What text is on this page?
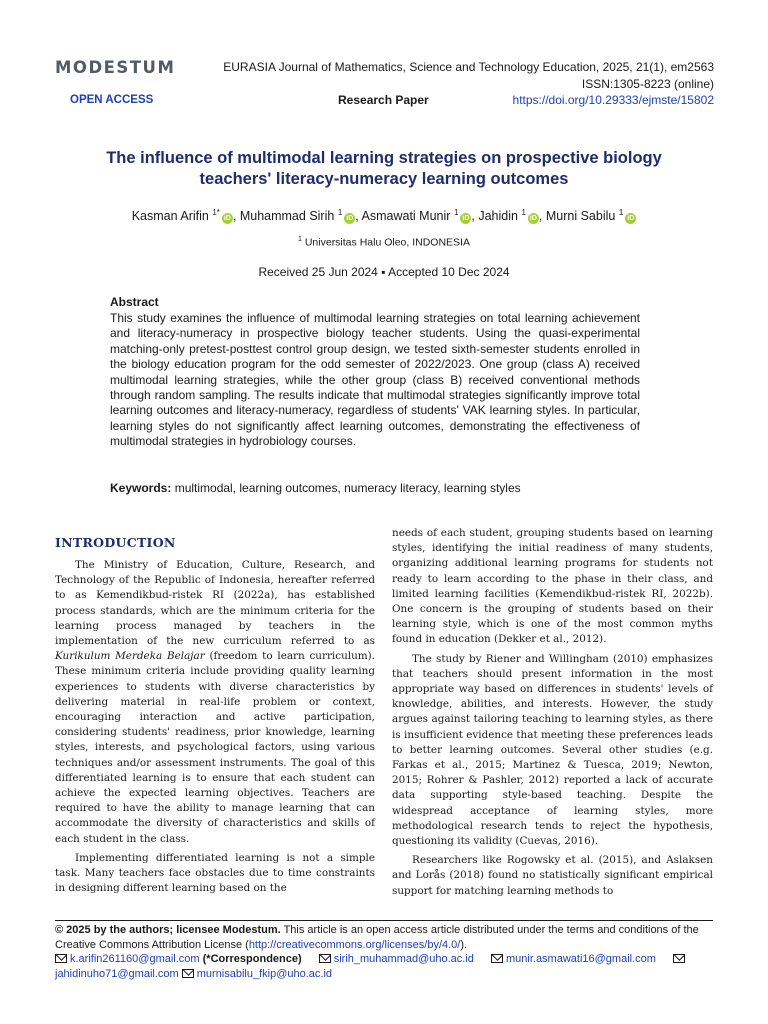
MODESTUM	EURASIA Journal of Mathematics, Science and Technology Education, 2025, 21(1), em2563
ISSN:1305-8223 (online)
OPEN ACCESS	Research Paper	https://doi.org/10.29333/ejmste/15802
The influence of multimodal learning strategies on prospective biology
teachers' literacy-numeracy learning outcomes
Kasman Arifin $^{1*}$iD , Muhammad Sirih $^1$iD , Asmawati Munir $^1$iD , Jahidin $^1$iD , Murni Sabilu $^1$iD
$^1$ Universitas Halu Oleo, INDONESIA
Received 25 Jun 2024 ▪ Accepted 10 Dec 2024
Abstract
This study examines the influence of multimodal learning strategies on total learning achievement and literacy-numeracy in prospective biology teacher students. Using the quasi-experimental matching-only pretest-posttest control group design, we tested sixth-semester students enrolled in the biology education program for the odd semester of 2022/2023. One group (class A) received multimodal learning strategies, while the other group (class B) received conventional methods through random sampling. The results indicate that multimodal strategies significantly improve total learning outcomes and literacy-numeracy, regardless of students' VAK learning styles. In particular, learning styles do not significantly affect learning outcomes, demonstrating the effectiveness of multimodal strategies in hydrobiology courses.
Keywords: multimodal, learning outcomes, numeracy literacy, learning styles
INTRODUCTION

The Ministry of Education, Culture, Research, and Technology of the Republic of Indonesia, hereafter referred to as Kemendikbud-ristek RI (2022a), has established process standards, which are the minimum criteria for the learning process managed by teachers in the implementation of the new curriculum referred to as Kurikulum Merdeka Belajar (freedom to learn curriculum). These minimum criteria include providing quality learning experiences to students with diverse characteristics by delivering material in real-life problem or context, encouraging interaction and active participation, considering students' readiness, prior knowledge, learning styles, interests, and psychological factors, using various techniques and/or assessment instruments. The goal of this differentiated learning is to ensure that each student can achieve the expected learning objectives. Teachers are required to have the ability to manage learning that can accommodate the diversity of characteristics and skills of each student in the class.

Implementing differentiated learning is not a simple task. Many teachers face obstacles due to time constraints in designing different learning based on the

needs of each student, grouping students based on learning styles, identifying the initial readiness of many students, organizing additional learning programs for students not ready to learn according to the phase in their class, and limited learning facilities (Kemendikbud-ristek RI, 2022b). One concern is the grouping of students based on their learning style, which is one of the most common myths found in education (Dekker et al., 2012).

The study by Riener and Willingham (2010) emphasizes that teachers should present information in the most appropriate way based on differences in students' levels of knowledge, abilities, and interests. However, the study argues against tailoring teaching to learning styles, as there is insufficient evidence that meeting these preferences leads to better learning outcomes. Several other studies (e.g. Farkas et al., 2015; Martinez & Tuesca, 2019; Newton, 2015; Rohrer & Pashler, 2012) reported a lack of accurate data supporting style-based teaching. Despite the widespread acceptance of learning styles, more methodological research tends to reject the hypothesis, questioning its validity (Cuevas, 2016).

Researchers like Rogowsky et al. (2015), and Aslaksen and Lorås (2018) found no statistically significant empirical support for matching learning methods to

© 2025 by the authors; licensee Modestum. This article is an open access article distributed under the terms and conditions of the Creative Commons Attribution License (http://creativecommons.org/licenses/by/4.0/).
k.arifin261160@gmail.com (*Correspondence)	sirih_muhammad@uho.ac.id	munir.asmawati16@gmail.com
jahidinuho71@gmail.com murnisabilu_fkip@uho.ac.id
